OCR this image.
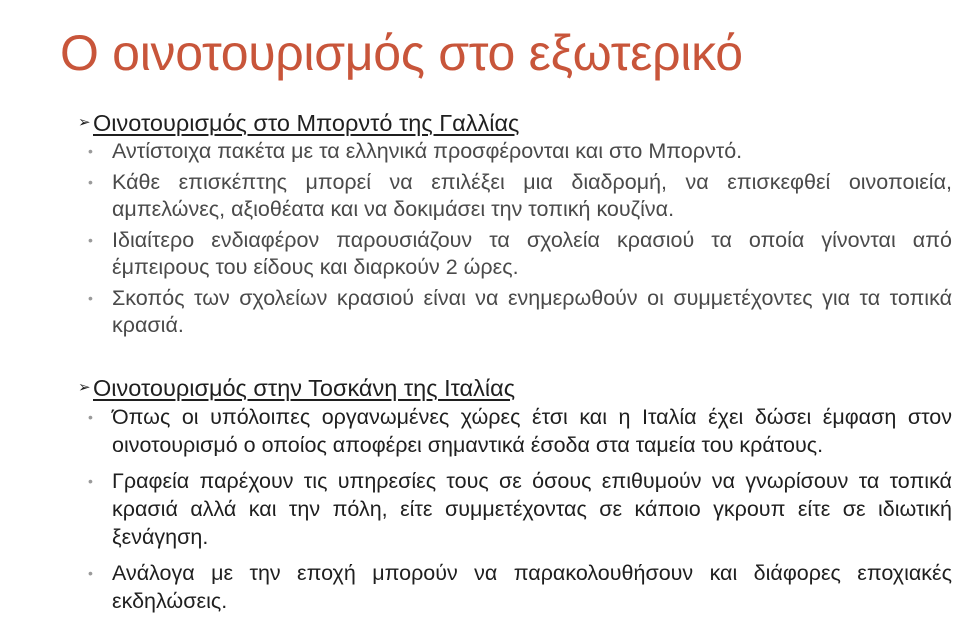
Ο οινοτουρισμός στο εξωτερικό
➢ Οινοτουρισμός στο Μπορντό της Γαλλίας
• Αντίστοιχα πακέτα με τα ελληνικά προσφέρονται και στο Μπορντό.
• Κάθε επισκέπτης μπορεί να επιλέξει μια διαδρομή, να επισκεφθεί οινοποιεία, αμπελώνες, αξιοθέατα και να δοκιμάσει την τοπική κουζίνα.
• Ιδιαίτερο ενδιαφέρον παρουσιάζουν τα σχολεία κρασιού τα οποία γίνονται από έμπειρους του είδους και διαρκούν 2 ώρες.
• Σκοπός των σχολείων κρασιού είναι να ενημερωθούν οι συμμετέχοντες για τα τοπικά κρασιά.
➢ Οινοτουρισμός στην Τοσκάνη της Ιταλίας
• Όπως οι υπόλοιπες οργανωμένες χώρες έτσι και η Ιταλία έχει δώσει έμφαση στον οινοτουρισμό ο οποίος αποφέρει σημαντικά έσοδα στα ταμεία του κράτους.
• Γραφεία παρέχουν τις υπηρεσίες τους σε όσους επιθυμούν να γνωρίσουν τα τοπικά κρασιά αλλά και την πόλη, είτε συμμετέχοντας σε κάποιο γκρουπ είτε σε ιδιωτική ξενάγηση.
• Ανάλογα με την εποχή μπορούν να παρακολουθήσουν και διάφορες εποχιακές εκδηλώσεις.
